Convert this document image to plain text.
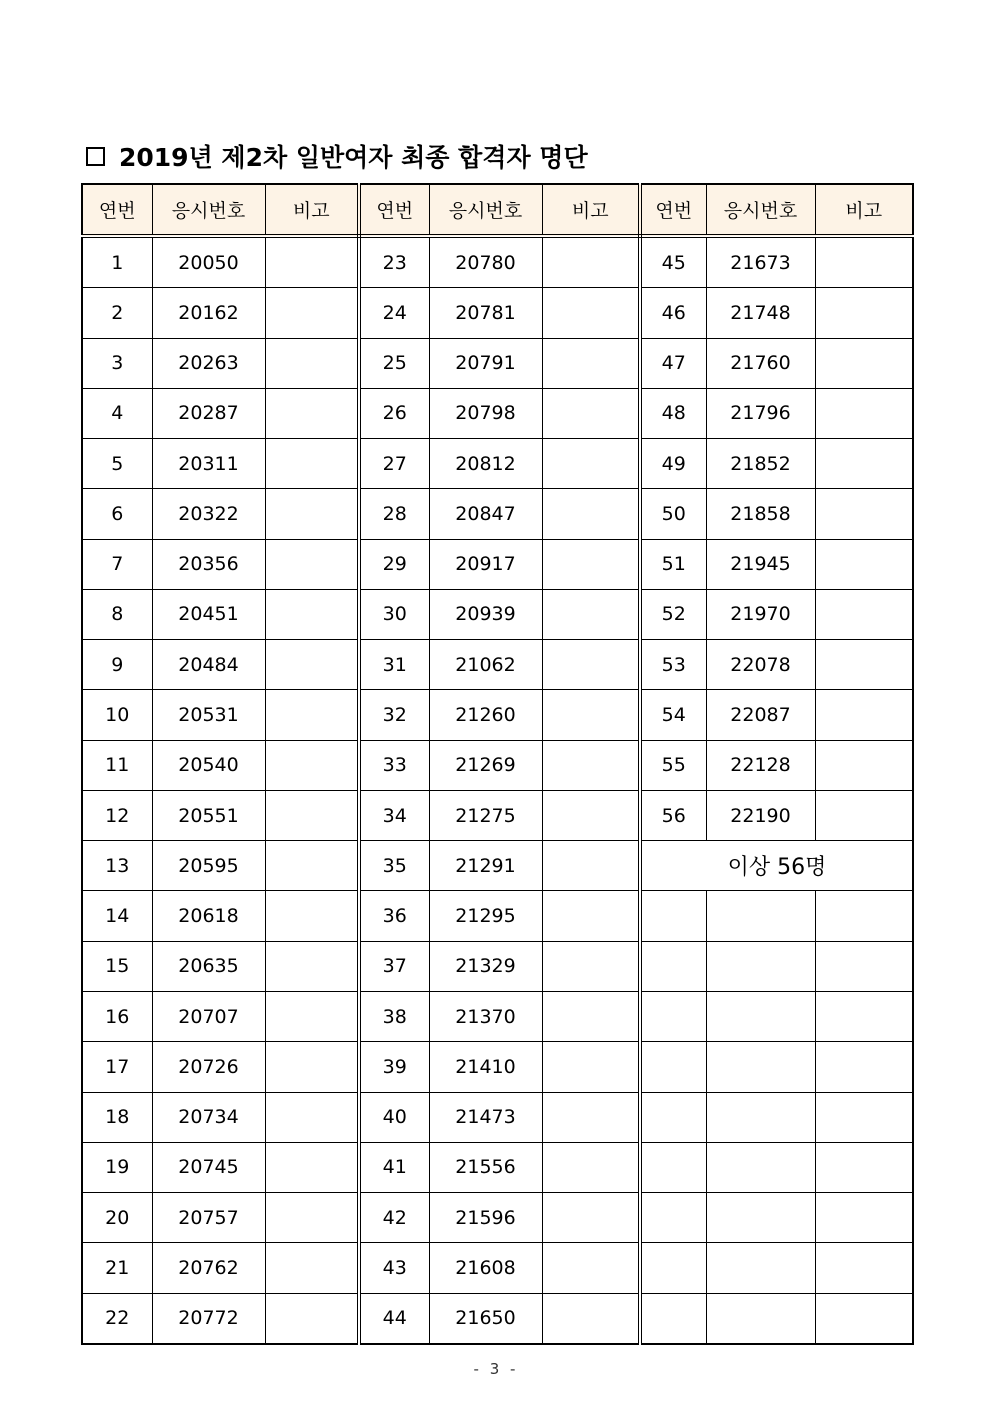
2019년 제2차 일반여자 최종 합격자 명단
연번	응시번호	비고	연번	응시번호	비고	연번	응시번호	비고
1	20050		23	20780		45	21673	
2	20162		24	20781		46	21748	
3	20263		25	20791		47	21760	
4	20287		26	20798		48	21796	
5	20311		27	20812		49	21852	
6	20322		28	20847		50	21858	
7	20356		29	20917		51	21945	
8	20451		30	20939		52	21970	
9	20484		31	21062		53	22078	
10	20531		32	21260		54	22087	
11	20540		33	21269		55	22128	
12	20551		34	21275		56	22190	
13	20595		35	21291		이상 56명		
14	20618		36	21295				
15	20635		37	21329				
16	20707		38	21370				
17	20726		39	21410				
18	20734		40	21473				
19	20745		41	21556				
20	20757		42	21596				
21	20762		43	21608				
22	20772		44	21650				
- 3 -
